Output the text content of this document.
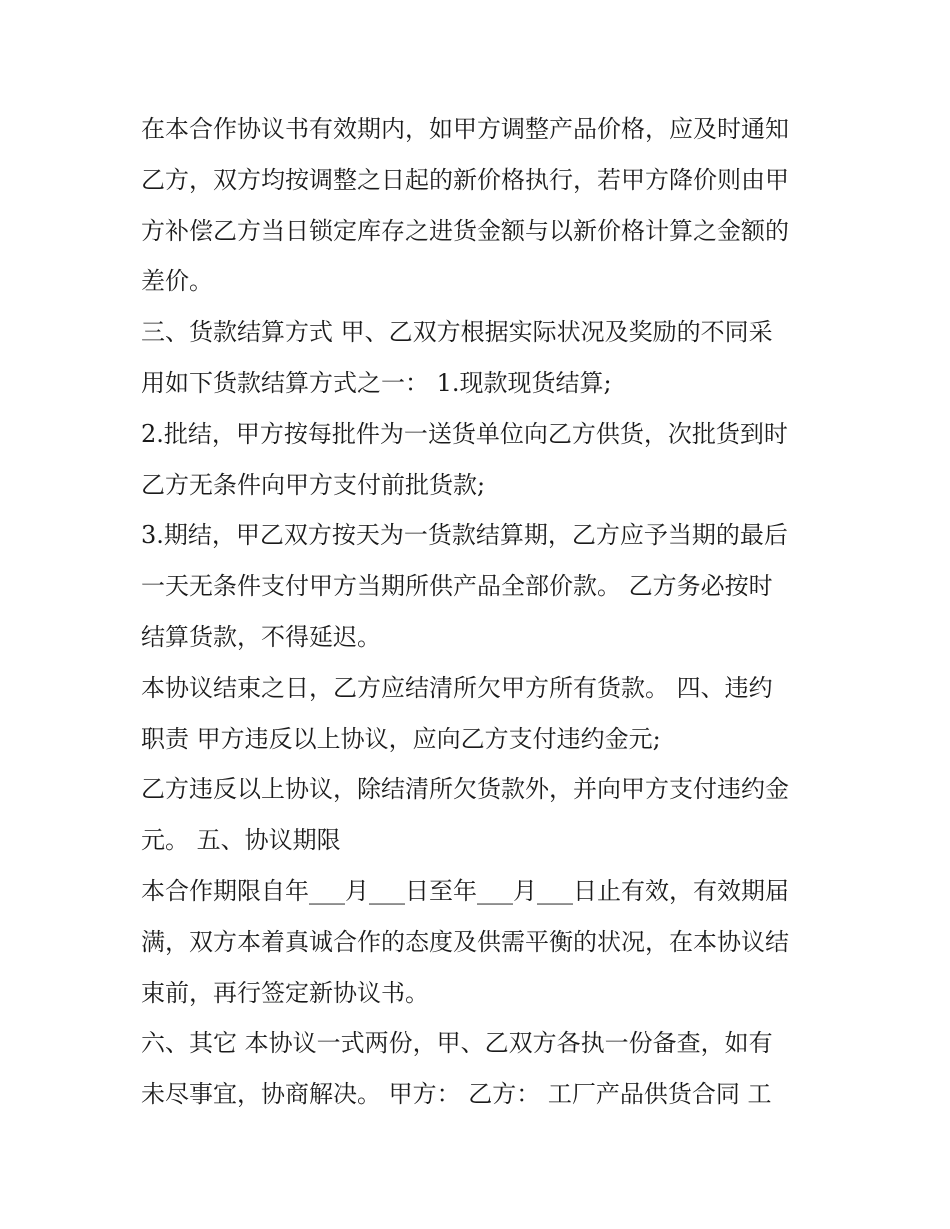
在本合作协议书有效期内，如甲方调整产品价格，应及时通知
乙方，双方均按调整之日起的新价格执行，若甲方降价则由甲
方补偿乙方当日锁定库存之进货金额与以新价格计算之金额的
差价。

三、货款结算方式 甲、乙双方根据实际状况及奖励的不同采
用如下货款结算方式之一： 1.现款现货结算;

2.批结，甲方按每批件为一送货单位向乙方供货，次批货到时
乙方无条件向甲方支付前批货款;

3.期结，甲乙双方按天为一货款结算期，乙方应予当期的最后
一天无条件支付甲方当期所供产品全部价款。 乙方务必按时
结算货款，不得延迟。

本协议结束之日，乙方应结清所欠甲方所有货款。 四、违约
职责 甲方违反以上协议，应向乙方支付违约金元;

乙方违反以上协议，除结清所欠货款外，并向甲方支付违约金
元。 五、协议期限

本合作期限自年___月___日至年___月___日止有效，有效期届
满，双方本着真诚合作的态度及供需平衡的状况，在本协议结
束前，再行签定新协议书。

六、其它 本协议一式两份，甲、乙双方各执一份备查，如有
未尽事宜，协商解决。 甲方： 乙方： 工厂产品供货合同 工
